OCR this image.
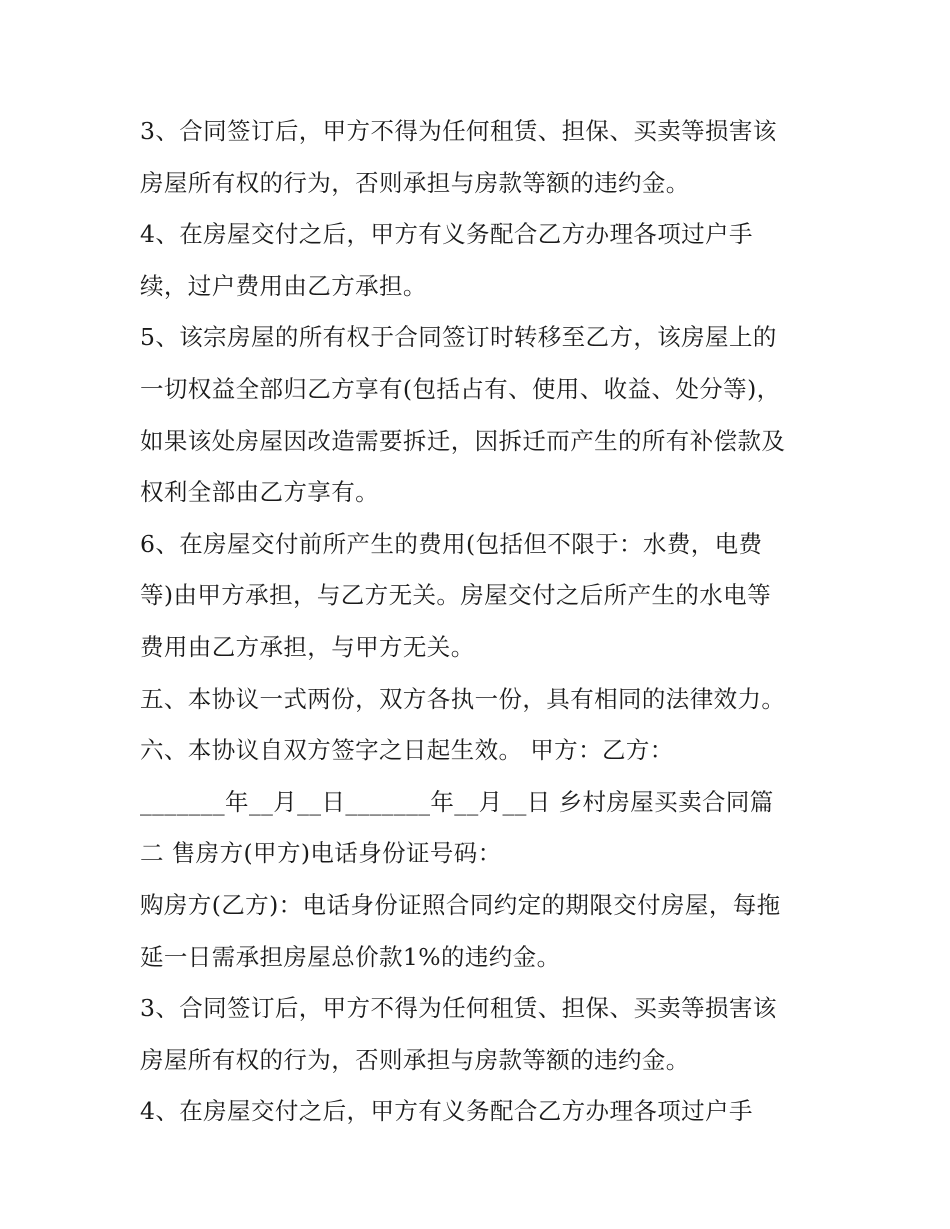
3、合同签订后，甲方不得为任何租赁、担保、买卖等损害该
房屋所有权的行为，否则承担与房款等额的违约金。
4、在房屋交付之后，甲方有义务配合乙方办理各项过户手
续，过户费用由乙方承担。
5、该宗房屋的所有权于合同签订时转移至乙方，该房屋上的
一切权益全部归乙方享有(包括占有、使用、收益、处分等)，
如果该处房屋因改造需要拆迁，因拆迁而产生的所有补偿款及
权利全部由乙方享有。
6、在房屋交付前所产生的费用(包括但不限于：水费，电费
等)由甲方承担，与乙方无关。房屋交付之后所产生的水电等
费用由乙方承担，与甲方无关。
五、本协议一式两份，双方各执一份，具有相同的法律效力。
六、本协议自双方签字之日起生效。 甲方：乙方：
_______年__月__日_______年__月__日 乡村房屋买卖合同篇
二 售房方(甲方)电话身份证号码：
购房方(乙方)：电话身份证照合同约定的期限交付房屋，每拖
延一日需承担房屋总价款1%的违约金。
3、合同签订后，甲方不得为任何租赁、担保、买卖等损害该
房屋所有权的行为，否则承担与房款等额的违约金。
4、在房屋交付之后，甲方有义务配合乙方办理各项过户手
